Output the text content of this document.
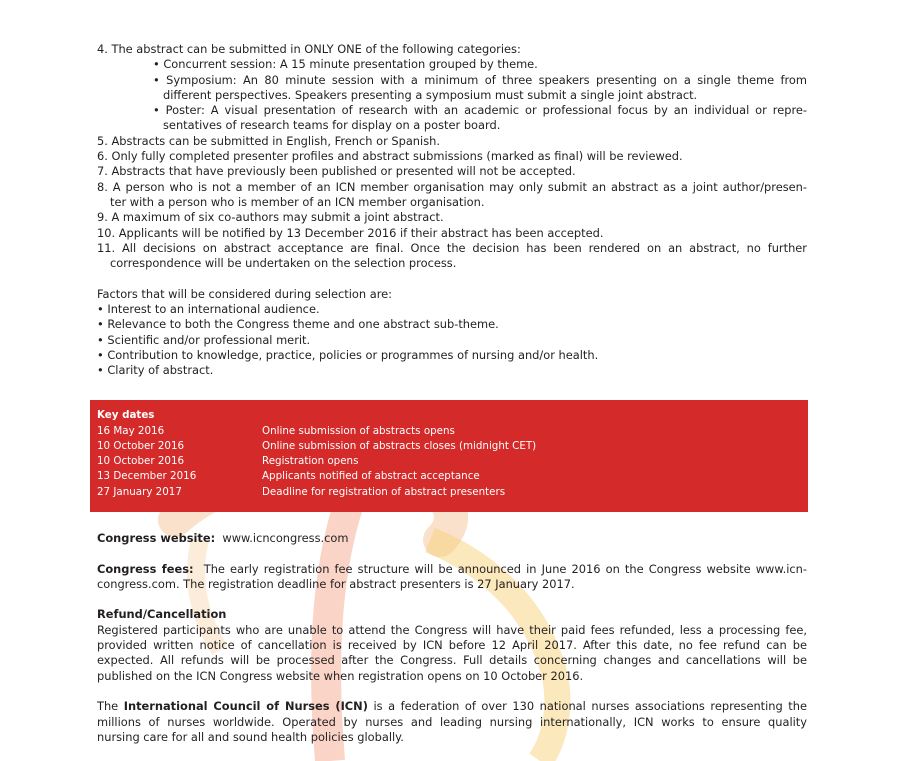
4. The abstract can be submitted in ONLY ONE of the following categories:
• Concurrent session: A 15 minute presentation grouped by theme.
• Symposium: An 80 minute session with a minimum of three speakers presenting on a single theme from
different perspectives. Speakers presenting a symposium must submit a single joint abstract.
• Poster: A visual presentation of research with an academic or professional focus by an individual or repre-
sentatives of research teams for display on a poster board.
5. Abstracts can be submitted in English, French or Spanish.
6. Only fully completed presenter profiles and abstract submissions (marked as final) will be reviewed.
7. Abstracts that have previously been published or presented will not be accepted.
8. A person who is not a member of an ICN member organisation may only submit an abstract as a joint author/presen-
ter with a person who is member of an ICN member organisation.
9. A maximum of six co-authors may submit a joint abstract.
10. Applicants will be notified by 13 December 2016 if their abstract has been accepted.
11. All decisions on abstract acceptance are final. Once the decision has been rendered on an abstract, no further
correspondence will be undertaken on the selection process.
Factors that will be considered during selection are:
• Interest to an international audience.
• Relevance to both the Congress theme and one abstract sub-theme.
• Scientific and/or professional merit.
• Contribution to knowledge, practice, policies or programmes of nursing and/or health.
• Clarity of abstract.
Key dates
16 May 2016	Online submission of abstracts opens
10 October 2016	Online submission of abstracts closes (midnight CET)
10 October 2016	Registration opens
13 December 2016	Applicants notified of abstract acceptance
27 January 2017	Deadline for registration of abstract presenters
Congress website: www.icncongress.com
Congress fees: The early registration fee structure will be announced in June 2016 on the Congress website www.icn-
congress.com. The registration deadline for abstract presenters is 27 January 2017.
Refund/Cancellation
Registered participants who are unable to attend the Congress will have their paid fees refunded, less a processing fee,
provided written notice of cancellation is received by ICN before 12 April 2017. After this date, no fee refund can be
expected. All refunds will be processed after the Congress. Full details concerning changes and cancellations will be
published on the ICN Congress website when registration opens on 10 October 2016.
The International Council of Nurses (ICN) is a federation of over 130 national nurses associations representing the
millions of nurses worldwide. Operated by nurses and leading nursing internationally, ICN works to ensure quality
nursing care for all and sound health policies globally.
